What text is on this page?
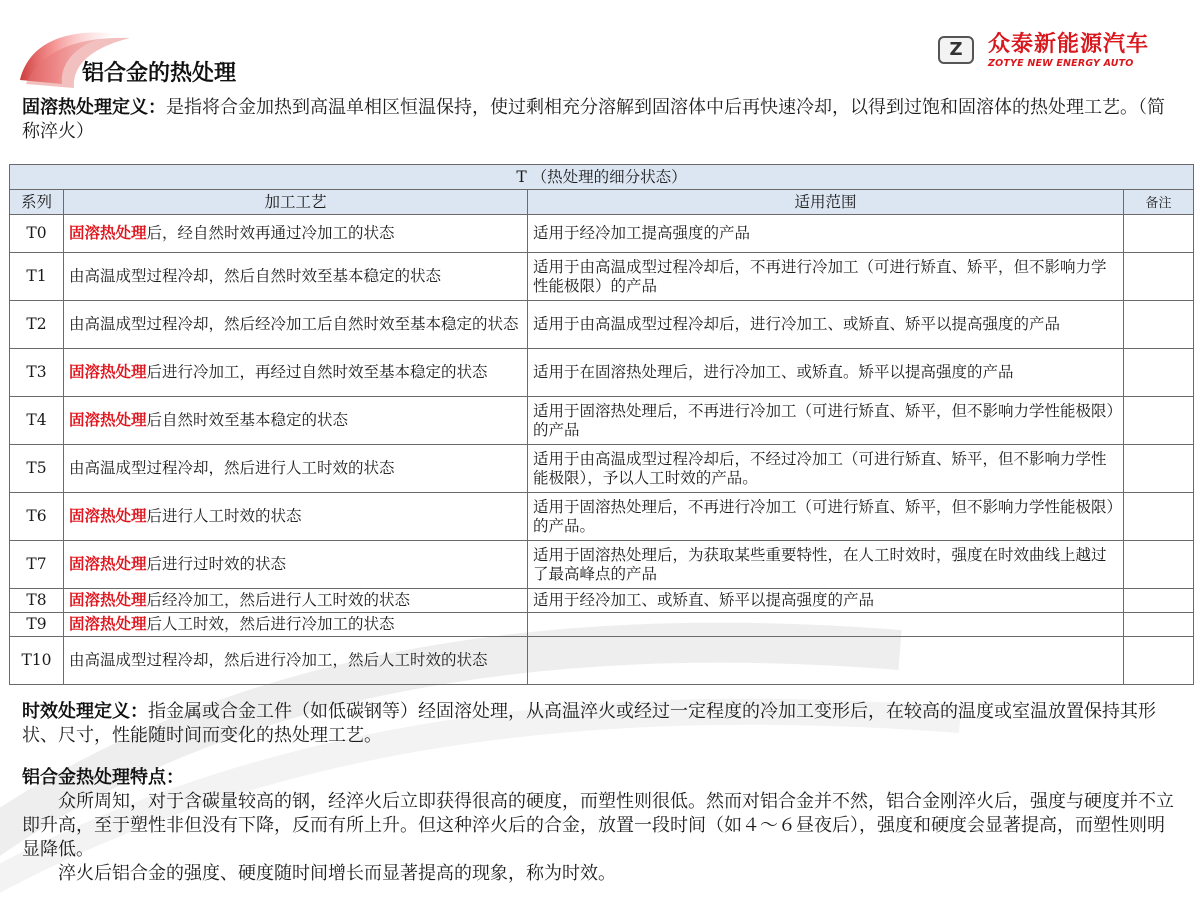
铝合金的热处理
Z	众泰新能源汽车
ZOTYE NEW ENERGY AUTO
固溶热处理定义：是指将合金加热到高温单相区恒温保持，使过剩相充分溶解到固溶体中后再快速冷却，以得到过饱和固溶体的热处理工艺。（简称淬火）
T （热处理的细分状态）			
系列	加工工艺	适用范围	备注
T0	固溶热处理后，经自然时效再通过冷加工的状态	适用于经冷加工提高强度的产品	
T1	由高温成型过程冷却，然后自然时效至基本稳定的状态	适用于由高温成型过程冷却后，不再进行冷加工（可进行矫直、矫平，但不影响力学性能极限）的产品	
T2	由高温成型过程冷却，然后经冷加工后自然时效至基本稳定的状态	适用于由高温成型过程冷却后，进行冷加工、或矫直、矫平以提高强度的产品	
T3	固溶热处理后进行冷加工，再经过自然时效至基本稳定的状态	适用于在固溶热处理后，进行冷加工、或矫直。矫平以提高强度的产品	
T4	固溶热处理后自然时效至基本稳定的状态	适用于固溶热处理后，不再进行冷加工（可进行矫直、矫平，但不影响力学性能极限）的产品	
T5	由高温成型过程冷却，然后进行人工时效的状态	适用于由高温成型过程冷却后，不经过冷加工（可进行矫直、矫平，但不影响力学性能极限），予以人工时效的产品。	
T6	固溶热处理后进行人工时效的状态	适用于固溶热处理后，不再进行冷加工（可进行矫直、矫平，但不影响力学性能极限）的产品。	
T7	固溶热处理后进行过时效的状态	适用于固溶热处理后，为获取某些重要特性，在人工时效时，强度在时效曲线上越过了最高峰点的产品	
T8	固溶热处理后经冷加工，然后进行人工时效的状态	适用于经冷加工、或矫直、矫平以提高强度的产品	
T9	固溶热处理后人工时效，然后进行冷加工的状态		
T10	由高温成型过程冷却，然后进行冷加工，然后人工时效的状态		
时效处理定义：指金属或合金工件（如低碳钢等）经固溶处理，从高温淬火或经过一定程度的冷加工变形后，在较高的温度或室温放置保持其形状、尺寸，性能随时间而变化的热处理工艺。
铝合金热处理特点：
众所周知，对于含碳量较高的钢，经淬火后立即获得很高的硬度，而塑性则很低。然而对铝合金并不然，铝合金刚淬火后，强度与硬度并不立即升高，至于塑性非但没有下降，反而有所上升。但这种淬火后的合金，放置一段时间（如４～６昼夜后），强度和硬度会显著提高，而塑性则明显降低。
淬火后铝合金的强度、硬度随时间增长而显著提高的现象，称为时效。
